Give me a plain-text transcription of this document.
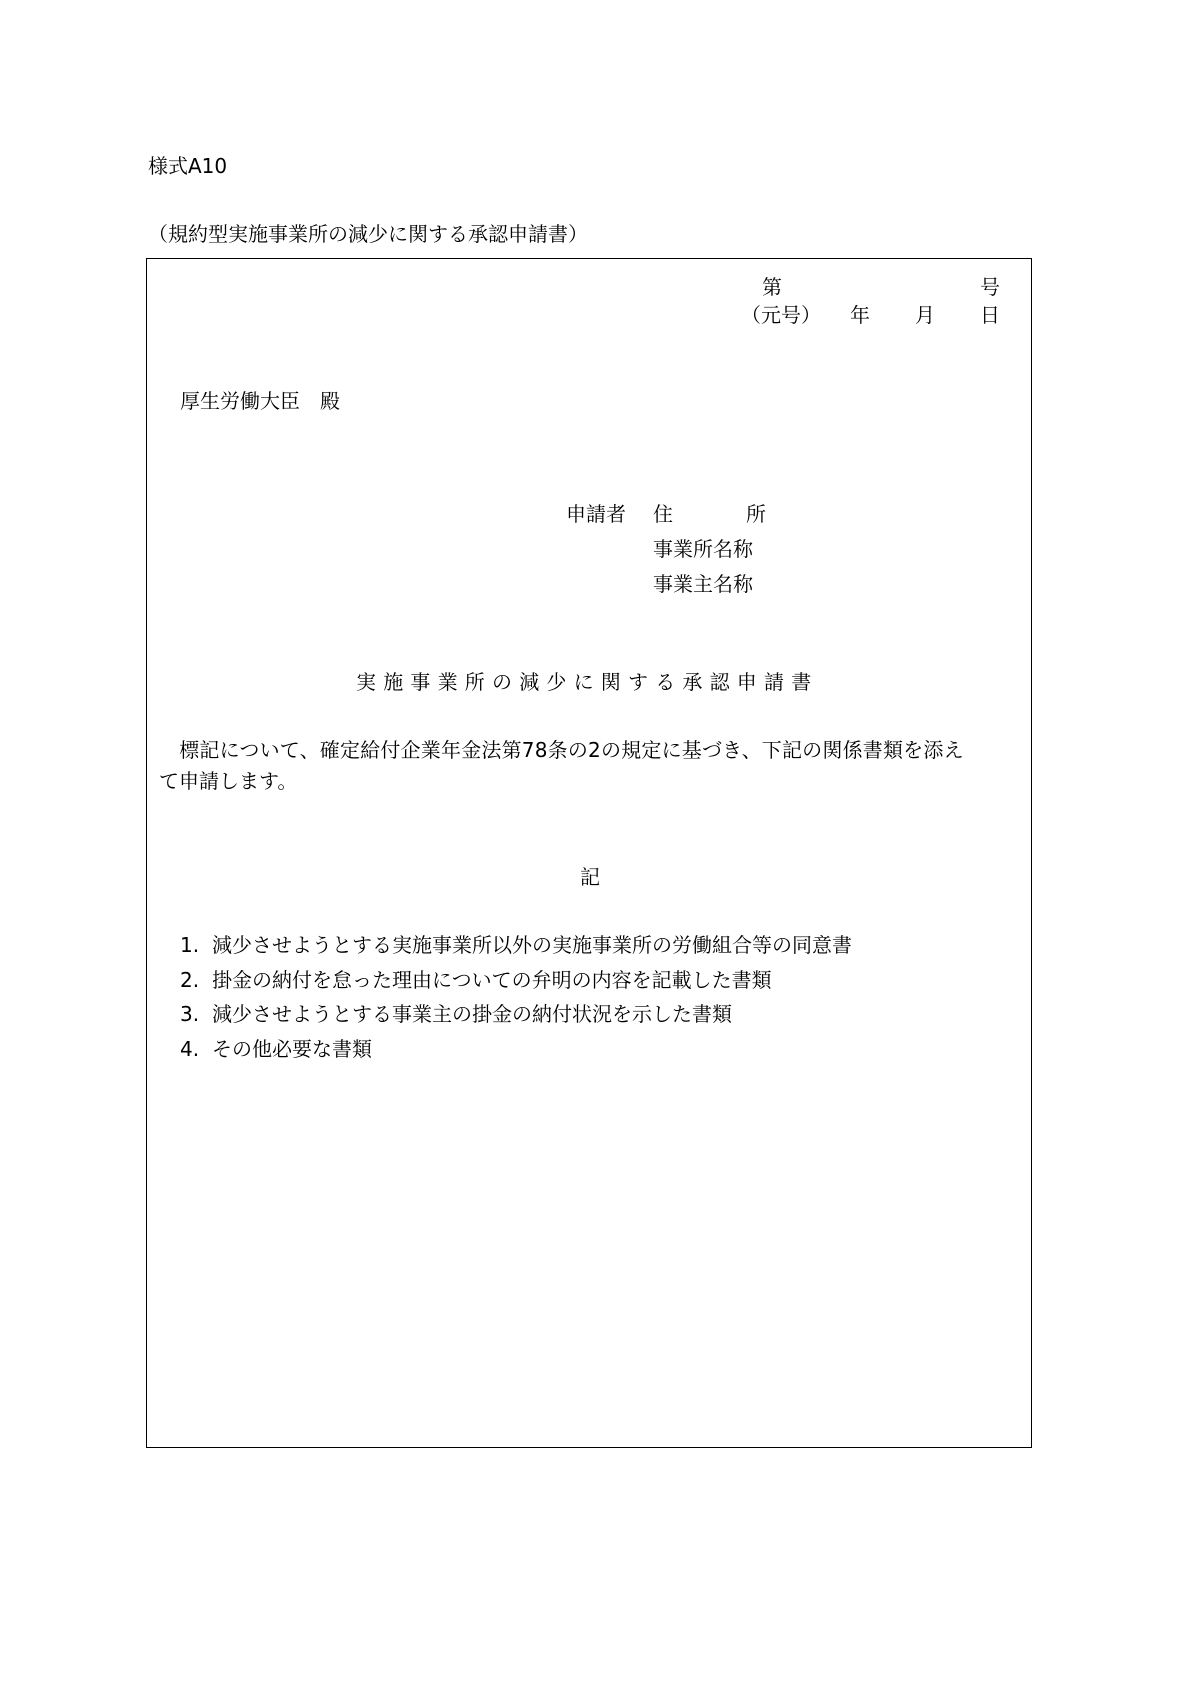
様式A10
（規約型実施事業所の減少に関する承認申請書）
第	号
（元号） 年 月 日
厚生労働大臣　殿
申請者 住	所
事業所名称
事業主名称
実施事業所の減少に関する承認申請書
　標記について、確定給付企業年金法第78条の2の規定に基づき、下記の関係書類を添え
て申請します。
記
1. 減少させようとする実施事業所以外の実施事業所の労働組合等の同意書
2. 掛金の納付を怠った理由についての弁明の内容を記載した書類
3. 減少させようとする事業主の掛金の納付状況を示した書類
4. その他必要な書類
